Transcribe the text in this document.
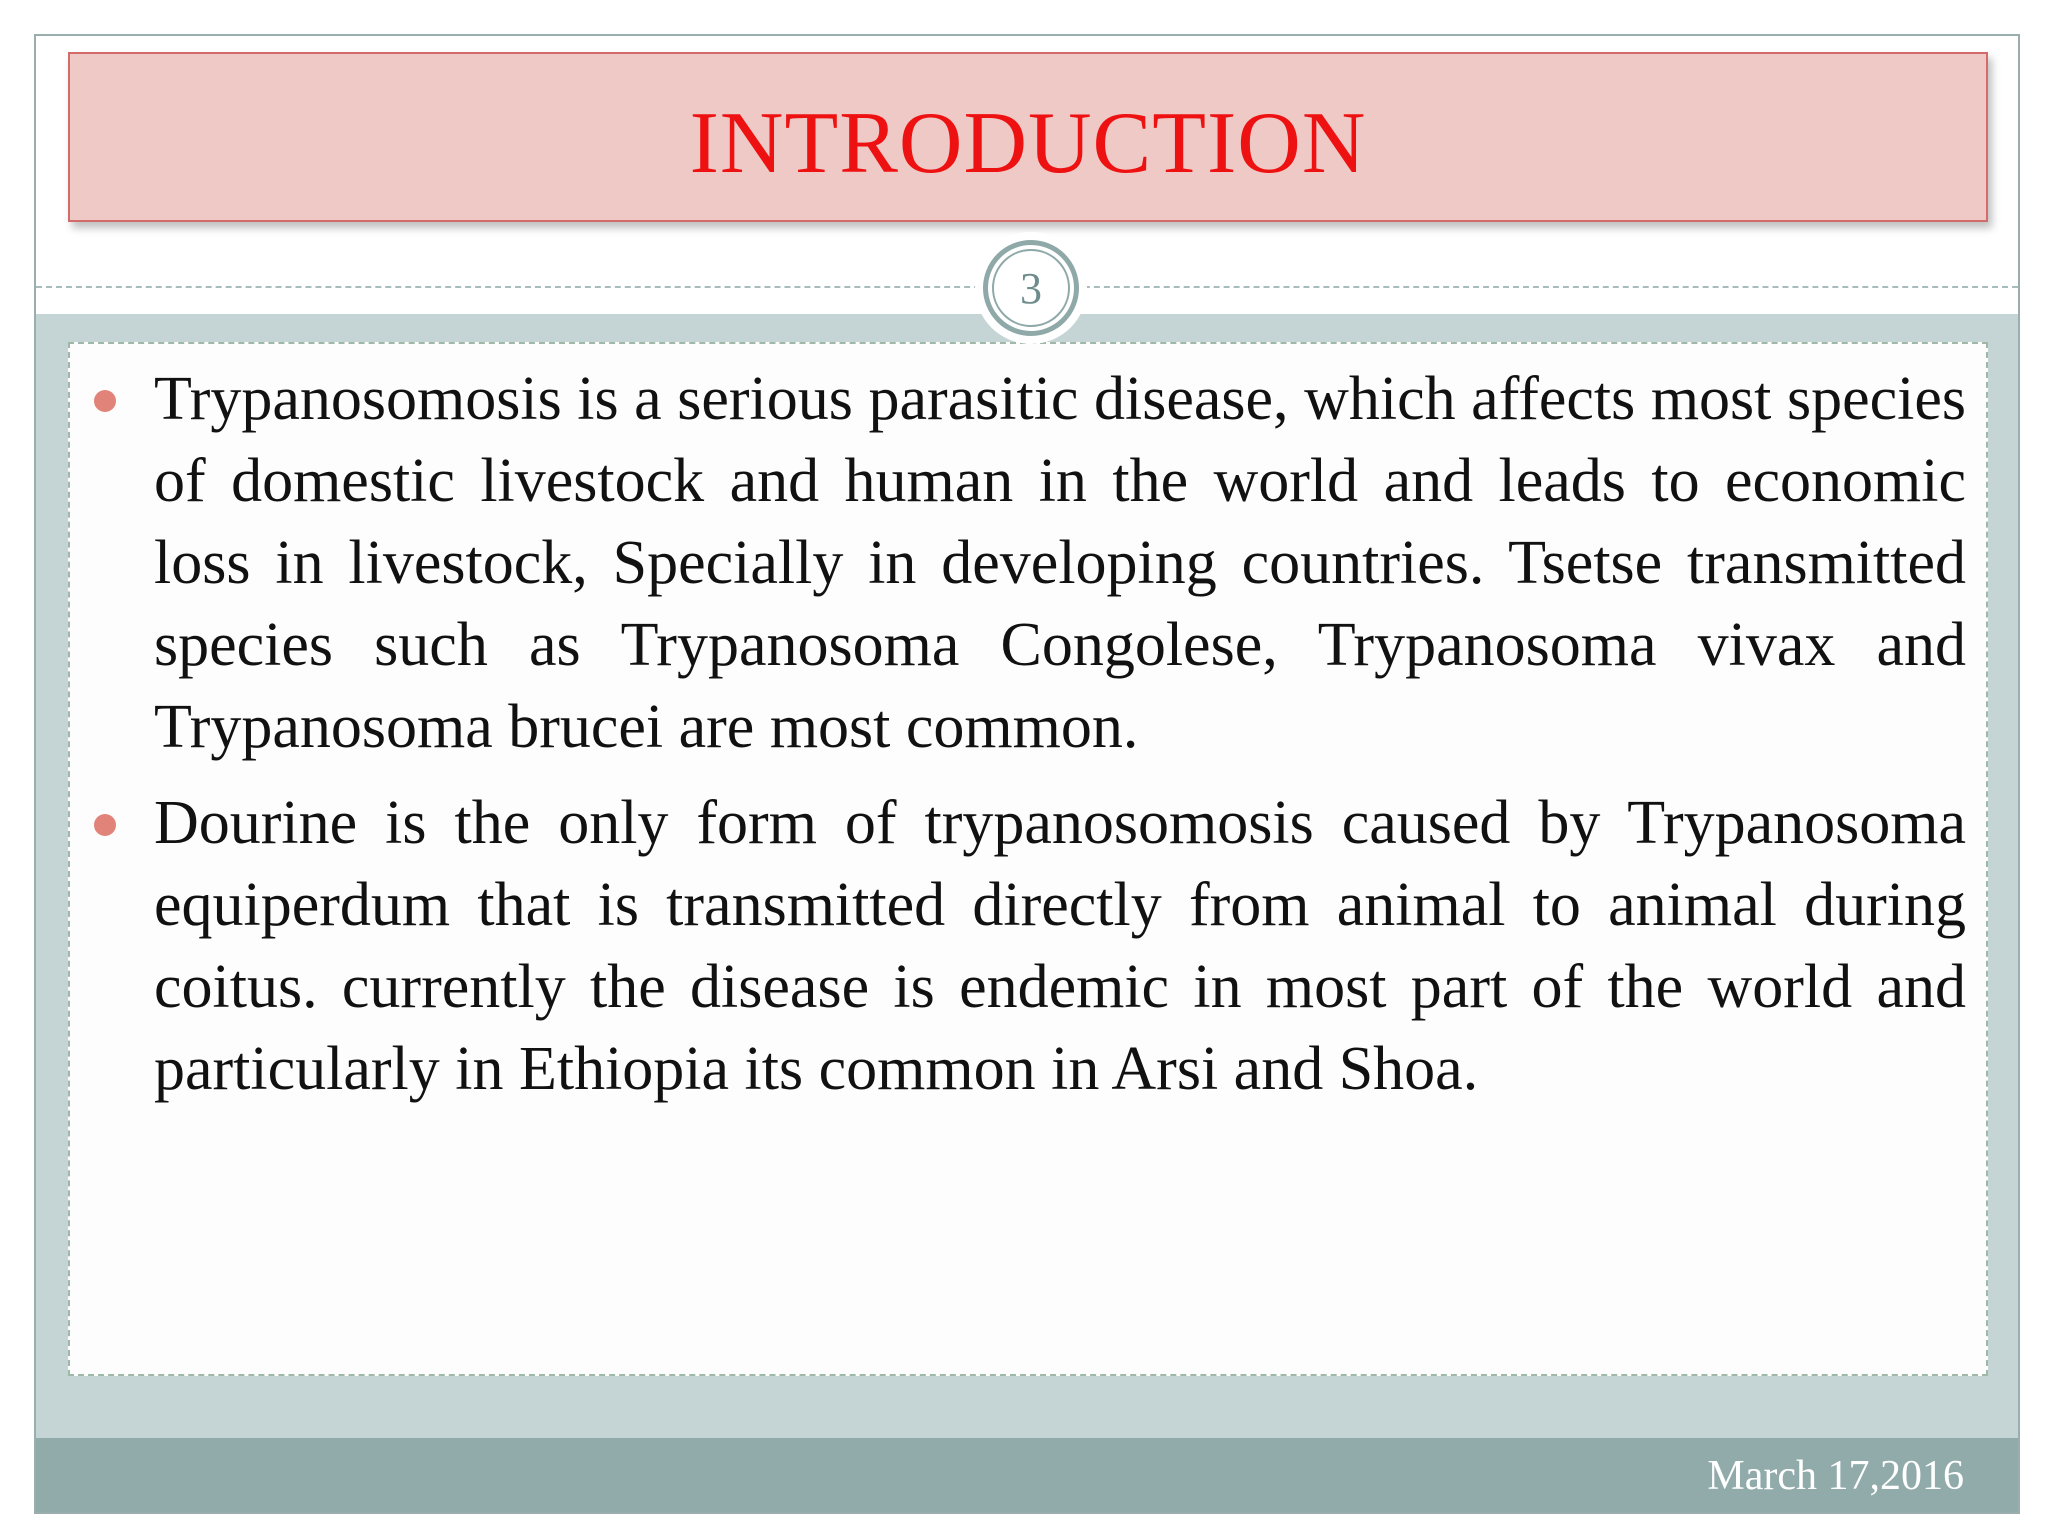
INTRODUCTION
3
Trypanosomosis is a serious parasitic disease, which affects most species of domestic livestock and human in the world and leads to economic loss in livestock, Specially in developing countries. Tsetse transmitted species such as Trypanosoma Congolese, Trypanosoma vivax and Trypanosoma brucei are most common.
Dourine is the only form of trypanosomosis caused by Trypanosoma equiperdum that is transmitted directly from animal to animal during coitus. currently the disease is endemic in most part of the world and particularly in Ethiopia its common in Arsi and Shoa.
March 17,2016
